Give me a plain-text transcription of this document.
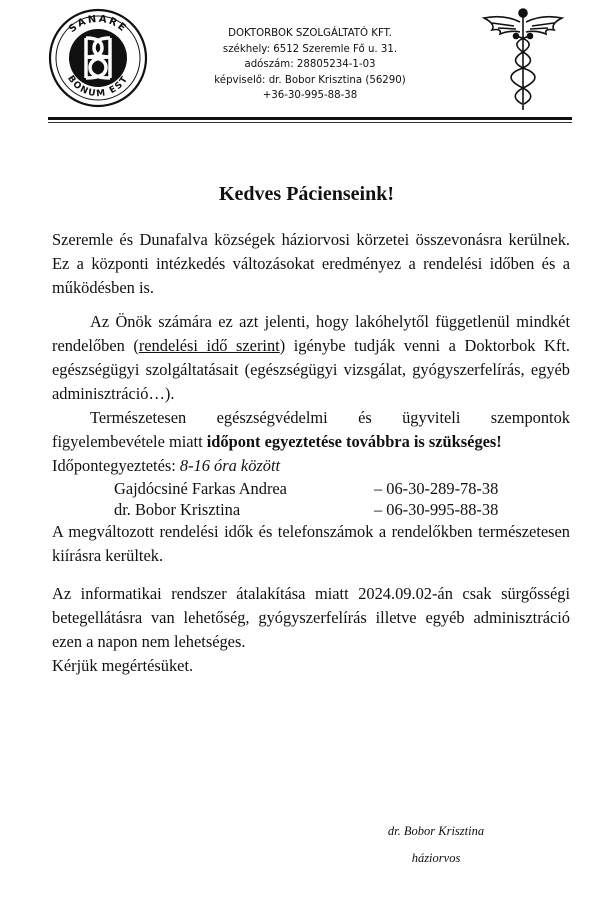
SANARE
BONUM EST
DOKTORBOK SZOLGÁLTATÓ KFT.
székhely: 6512 Szeremle Fő u. 31.
adószám: 28805234-1-03
képviselő: dr. Bobor Krisztina (56290)
+36-30-995-88-38
Kedves Pácienseink!

Szeremle és Dunafalva községek háziorvosi körzetei összevonásra kerülnek. Ez a központi intézkedés változásokat eredményez a rendelési időben és a működésben is.

Az Önök számára ez azt jelenti, hogy lakóhelytől függetlenül mindkét rendelőben (rendelési idő szerint) igénybe tudják venni a Doktorbok Kft. egészségügyi szolgáltatásait (egészségügyi vizsgálat, gyógyszerfelírás, egyéb adminisztráció…).

Természetesen egészségvédelmi és ügyviteli szempontok figyelembevétele miatt időpont egyeztetése továbbra is szükséges!

Időpontegyeztetés: 8-16 óra között

Gajdócsiné Farkas Andrea	– 06-30-289-78-38
dr. Bobor Krisztina	– 06-30-995-88-38

A megváltozott rendelési idők és telefonszámok a rendelőkben természetesen kiírásra kerültek.

Az informatikai rendszer átalakítása miatt 2024.09.02-án csak sürgősségi betegellátásra van lehetőség, gyógyszerfelírás illetve egyéb adminisztráció ezen a napon nem lehetséges.

Kérjük megértésüket.

dr. Bobor Krisztina
háziorvos
